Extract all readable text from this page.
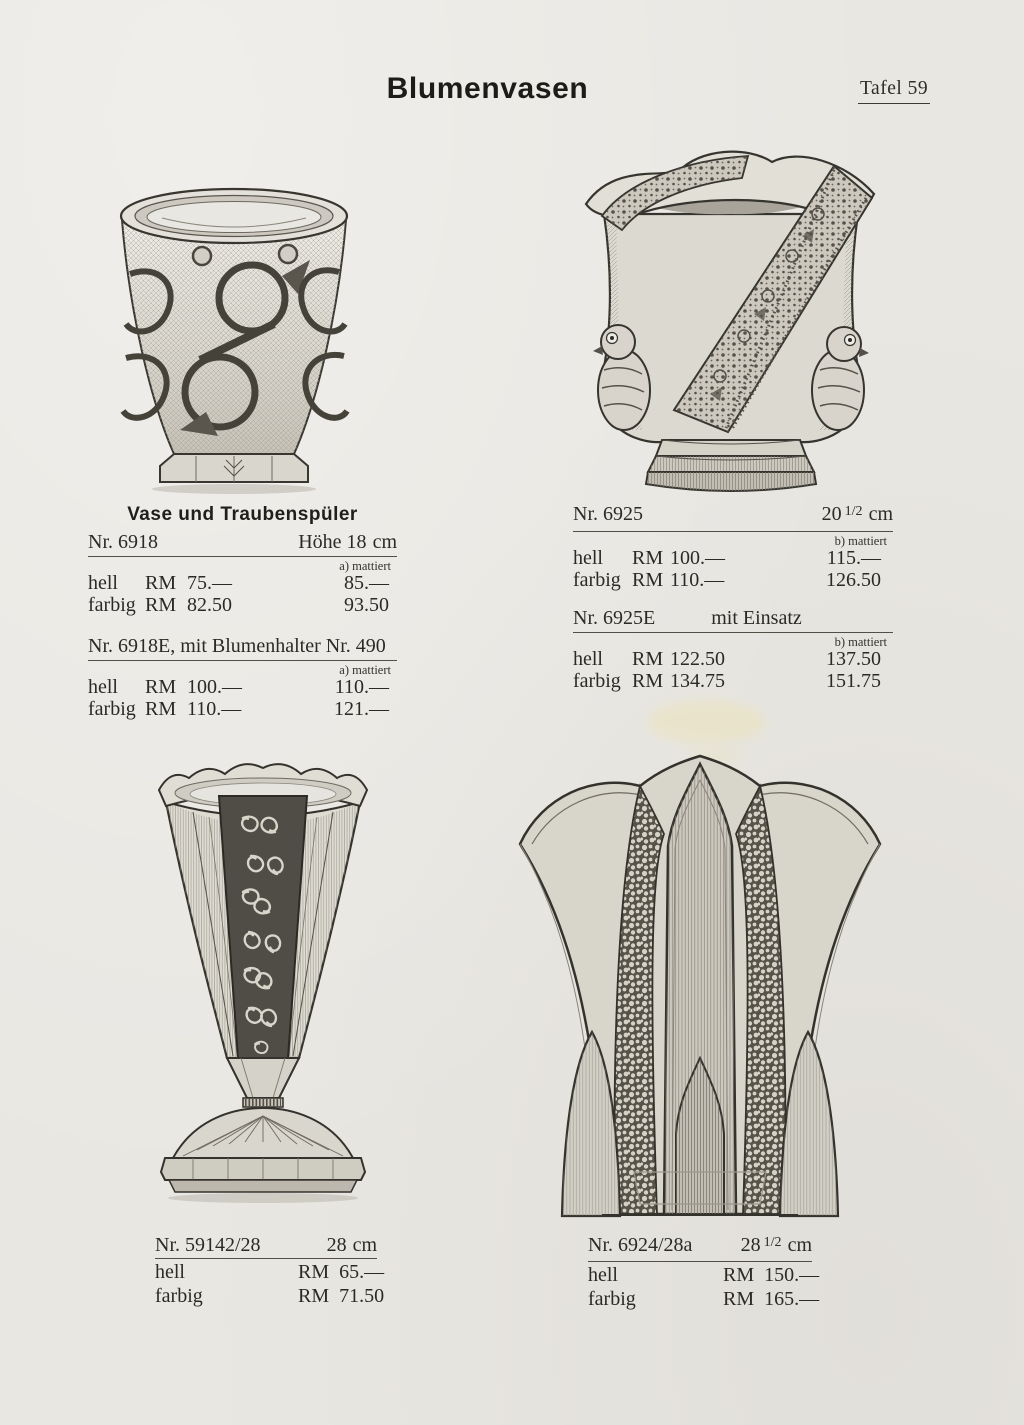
Blumenvasen	Tafel 59
Vase und Traubenspüler
Nr. 6918	Höhe 18 cm
a) mattiert
hell	RM 75.—	85.—
farbig RM 82.50	93.50
Nr. 6918E, mit Blumenhalter Nr. 490
a) mattiert
hell	RM 100.—	110.—
farbig RM 110.—	121.—
Nr. 6925	20 $^{1/2}$ cm
b) mattiert
hell	RM 100.—	115.—
farbig RM 110.—	126.50
Nr. 6925E	mit Einsatz
b) mattiert
hell	RM 122.50	137.50
farbig RM 134.75	151.75
Nr. 59142/28	28 cm
hell	RM 65.—
farbig	RM 71.50
Nr. 6924/28a 28 $^{1/2}$ cm
hell	RM 150.—
farbig	RM 165.—
